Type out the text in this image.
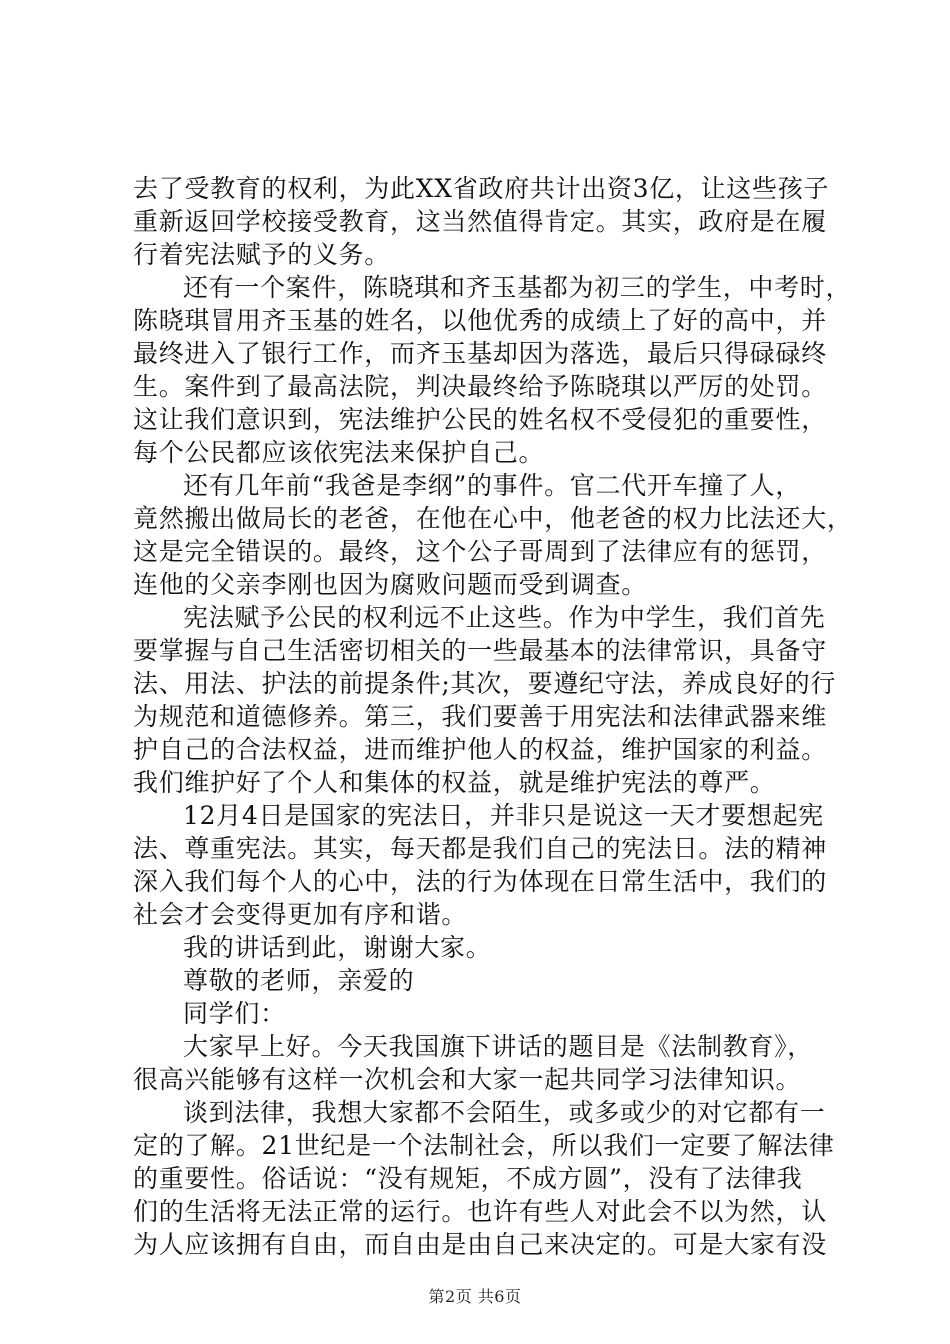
去了受教育的权利，为此XX省政府共计出资3亿，让这些孩子
重新返回学校接受教育，这当然值得肯定。其实，政府是在履
行着宪法赋予的义务。
还有一个案件，陈晓琪和齐玉基都为初三的学生，中考时，
陈晓琪冒用齐玉基的姓名，以他优秀的成绩上了好的高中，并
最终进入了银行工作，而齐玉基却因为落选，最后只得碌碌终
生。案件到了最高法院，判决最终给予陈晓琪以严厉的处罚。
这让我们意识到，宪法维护公民的姓名权不受侵犯的重要性，
每个公民都应该依宪法来保护自己。
还有几年前“我爸是李纲”的事件。官二代开车撞了人，
竟然搬出做局长的老爸，在他在心中，他老爸的权力比法还大，
这是完全错误的。最终，这个公子哥周到了法律应有的惩罚，
连他的父亲李刚也因为腐败问题而受到调查。
宪法赋予公民的权利远不止这些。作为中学生，我们首先
要掌握与自己生活密切相关的一些最基本的法律常识，具备守
法、用法、护法的前提条件;其次，要遵纪守法，养成良好的行
为规范和道德修养。第三，我们要善于用宪法和法律武器来维
护自己的合法权益，进而维护他人的权益，维护国家的利益。
我们维护好了个人和集体的权益，就是维护宪法的尊严。
12月4日是国家的宪法日，并非只是说这一天才要想起宪
法、尊重宪法。其实，每天都是我们自己的宪法日。法的精神
深入我们每个人的心中，法的行为体现在日常生活中，我们的
社会才会变得更加有序和谐。
我的讲话到此，谢谢大家。
尊敬的老师，亲爱的
同学们：
大家早上好。今天我国旗下讲话的题目是《法制教育》，
很高兴能够有这样一次机会和大家一起共同学习法律知识。
谈到法律，我想大家都不会陌生，或多或少的对它都有一
定的了解。21世纪是一个法制社会，所以我们一定要了解法律
的重要性。俗话说：“没有规矩，不成方圆”，没有了法律我
们的生活将无法正常的运行。也许有些人对此会不以为然，认
为人应该拥有自由，而自由是由自己来决定的。可是大家有没
第2页 共6页
